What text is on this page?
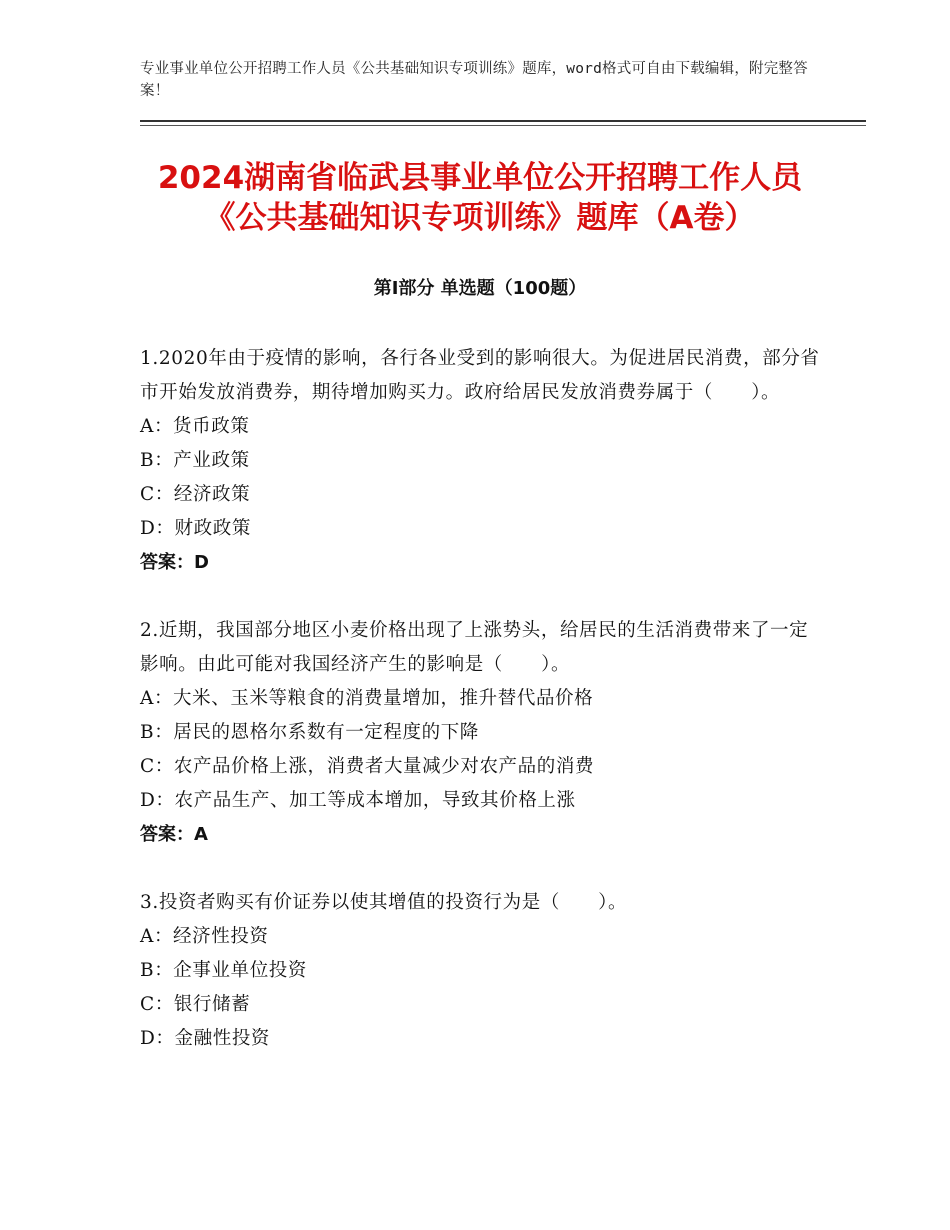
专业事业单位公开招聘工作人员《公共基础知识专项训练》题库，word格式可自由下载编辑，附完整答案！
2024湖南省临武县事业单位公开招聘工作人员《公共基础知识专项训练》题库（A卷）
第Ⅰ部分 单选题（100题）

1.2020年由于疫情的影响，各行各业受到的影响很大。为促进居民消费，部分省市开始发放消费券，期待增加购买力。政府给居民发放消费券属于（　　）。

A：货币政策

B：产业政策

C：经济政策

D：财政政策

答案：D

2.近期，我国部分地区小麦价格出现了上涨势头，给居民的生活消费带来了一定影响。由此可能对我国经济产生的影响是（　　）。

A：大米、玉米等粮食的消费量增加，推升替代品价格

B：居民的恩格尔系数有一定程度的下降

C：农产品价格上涨，消费者大量减少对农产品的消费

D：农产品生产、加工等成本增加，导致其价格上涨

答案：A

3.投资者购买有价证券以使其增值的投资行为是（　　）。

A：经济性投资

B：企事业单位投资

C：银行储蓄

D：金融性投资
